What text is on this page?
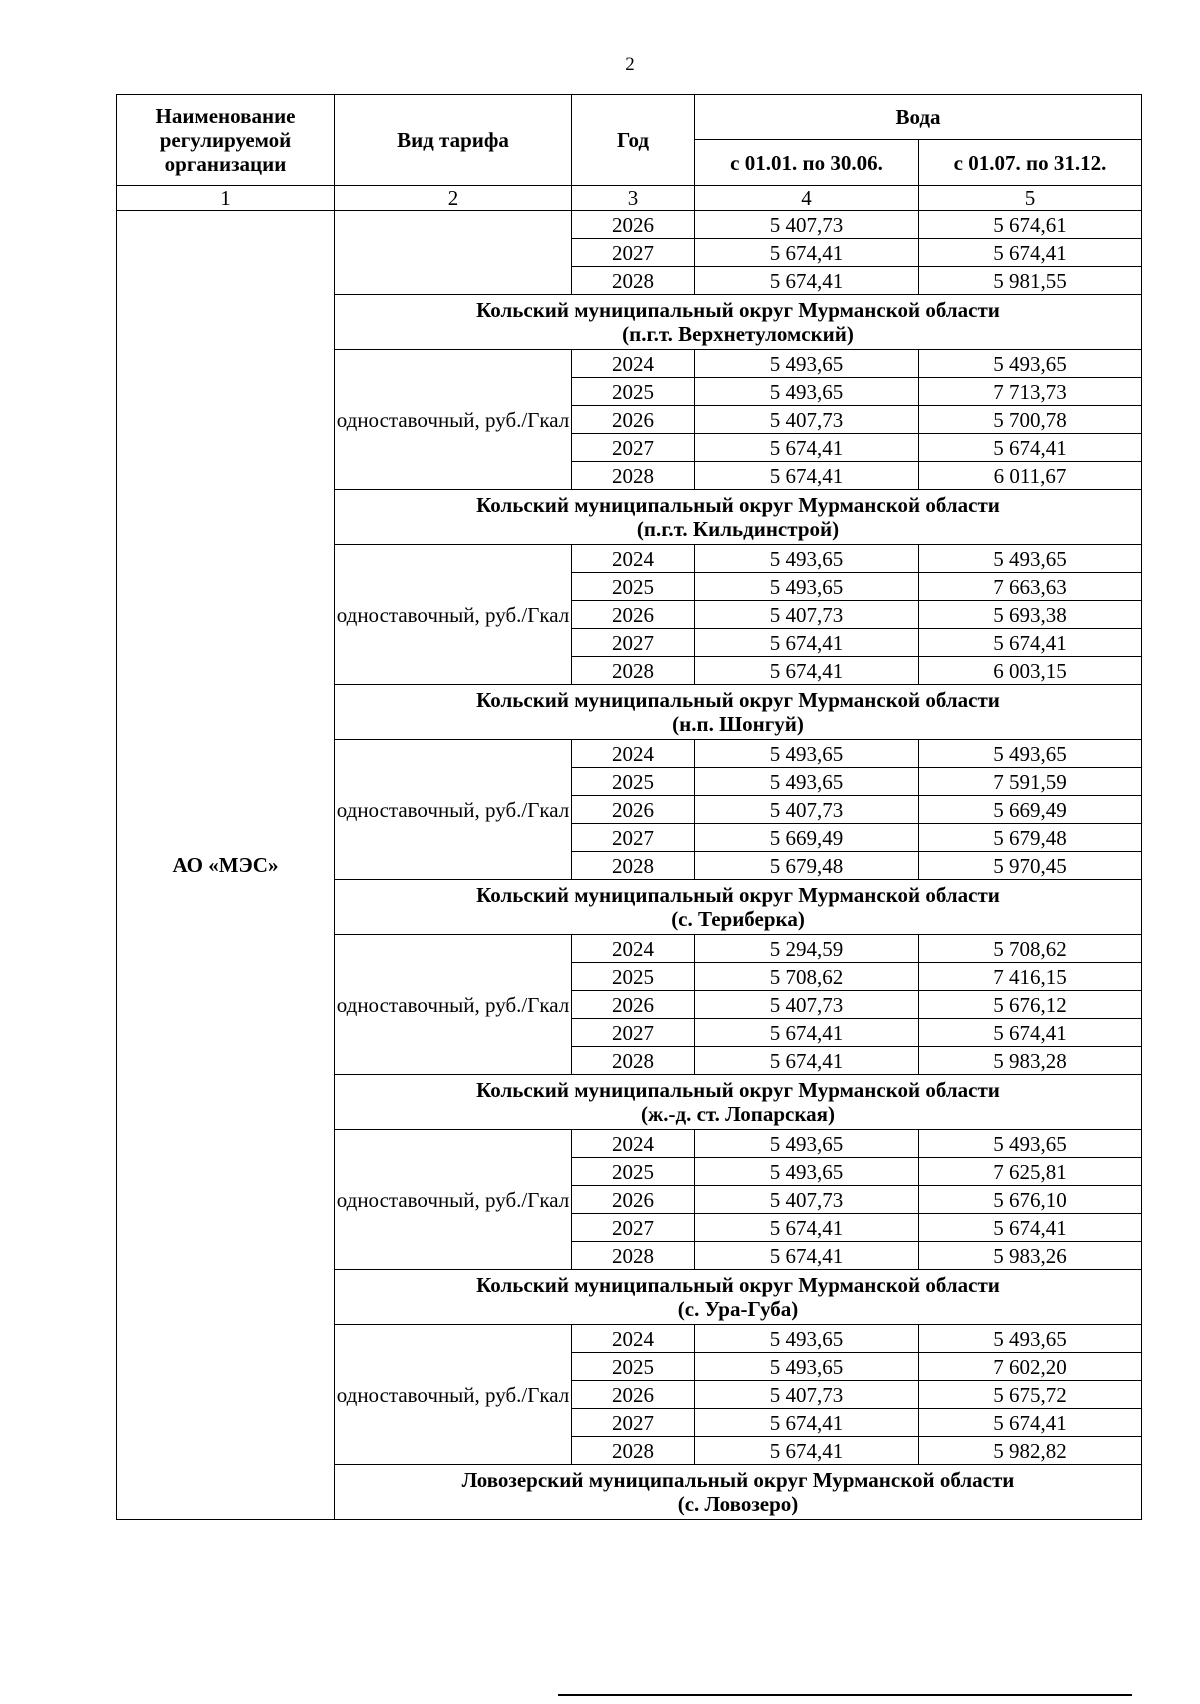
2
Наименование регулируемой организации	Вид тарифа	Год	Вода	
			с 01.01. по 30.06.	с 01.07. по 31.12.
1	2	3	4	5
АО «МЭС»		2026	5 407,73	5 674,61
		2027	5 674,41	5 674,41
		2028	5 674,41	5 981,55

	Кольский муниципальный округ Мурманской области
(п.г.т. Верхнетуломский)			

	одноставочный, руб./Гкал	2024	5 493,65	5 493,65
		2025	5 493,65	7 713,73
		2026	5 407,73	5 700,78
		2027	5 674,41	5 674,41
		2028	5 674,41	6 011,67

	Кольский муниципальный округ Мурманской области
(п.г.т. Кильдинстрой)			

	одноставочный, руб./Гкал	2024	5 493,65	5 493,65
		2025	5 493,65	7 663,63
		2026	5 407,73	5 693,38
		2027	5 674,41	5 674,41
		2028	5 674,41	6 003,15

	Кольский муниципальный округ Мурманской области
(н.п. Шонгуй)			

	одноставочный, руб./Гкал	2024	5 493,65	5 493,65
		2025	5 493,65	7 591,59
		2026	5 407,73	5 669,49
		2027	5 669,49	5 679,48
		2028	5 679,48	5 970,45

	Кольский муниципальный округ Мурманской области
(с. Териберка)			

	одноставочный, руб./Гкал	2024	5 294,59	5 708,62
		2025	5 708,62	7 416,15
		2026	5 407,73	5 676,12
		2027	5 674,41	5 674,41
		2028	5 674,41	5 983,28

	Кольский муниципальный округ Мурманской области
(ж.-д. ст. Лопарская)			

	одноставочный, руб./Гкал	2024	5 493,65	5 493,65
		2025	5 493,65	7 625,81
		2026	5 407,73	5 676,10
		2027	5 674,41	5 674,41
		2028	5 674,41	5 983,26

	Кольский муниципальный округ Мурманской области
(с. Ура-Губа)			

	одноставочный, руб./Гкал	2024	5 493,65	5 493,65
		2025	5 493,65	7 602,20
		2026	5 407,73	5 675,72
		2027	5 674,41	5 674,41
		2028	5 674,41	5 982,82

	Ловозерский муниципальный округ Мурманской области
(с. Ловозеро)			
